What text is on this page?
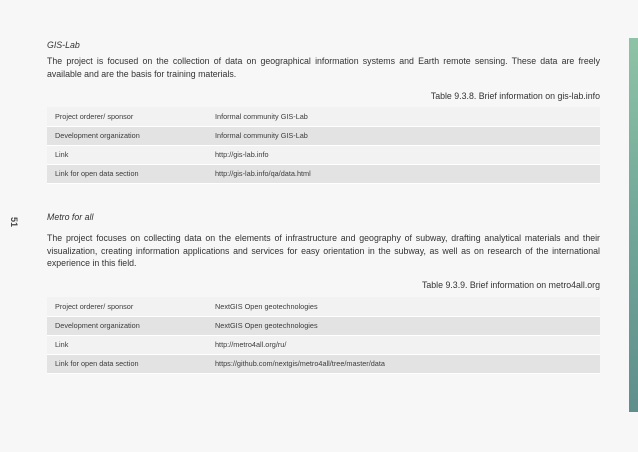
51
GIS-Lab

The project is focused on the collection of data on geographical information systems and Earth remote sensing. These data are freely available and are the basis for training materials.

Table 9.3.8. Brief information on gis-lab.info
Project orderer/ sponsor	Informal community GIS-Lab
Development organization	Informal community GIS-Lab
Link	http://gis-lab.info
Link for open data section	http://gis-lab.info/qa/data.html
Metro for all

The project focuses on collecting data on the elements of infrastructure and geography of subway, drafting analytical materials and their visualization, creating information applications and services for easy orientation in the subway, as well as on research of the international experience in this field.

Table 9.3.9. Brief information on metro4all.org
Project orderer/ sponsor	NextGIS Open geotechnologies
Development organization	NextGIS Open geotechnologies
Link	http://metro4all.org/ru/
Link for open data section	https://github.com/nextgis/metro4all/tree/master/data
